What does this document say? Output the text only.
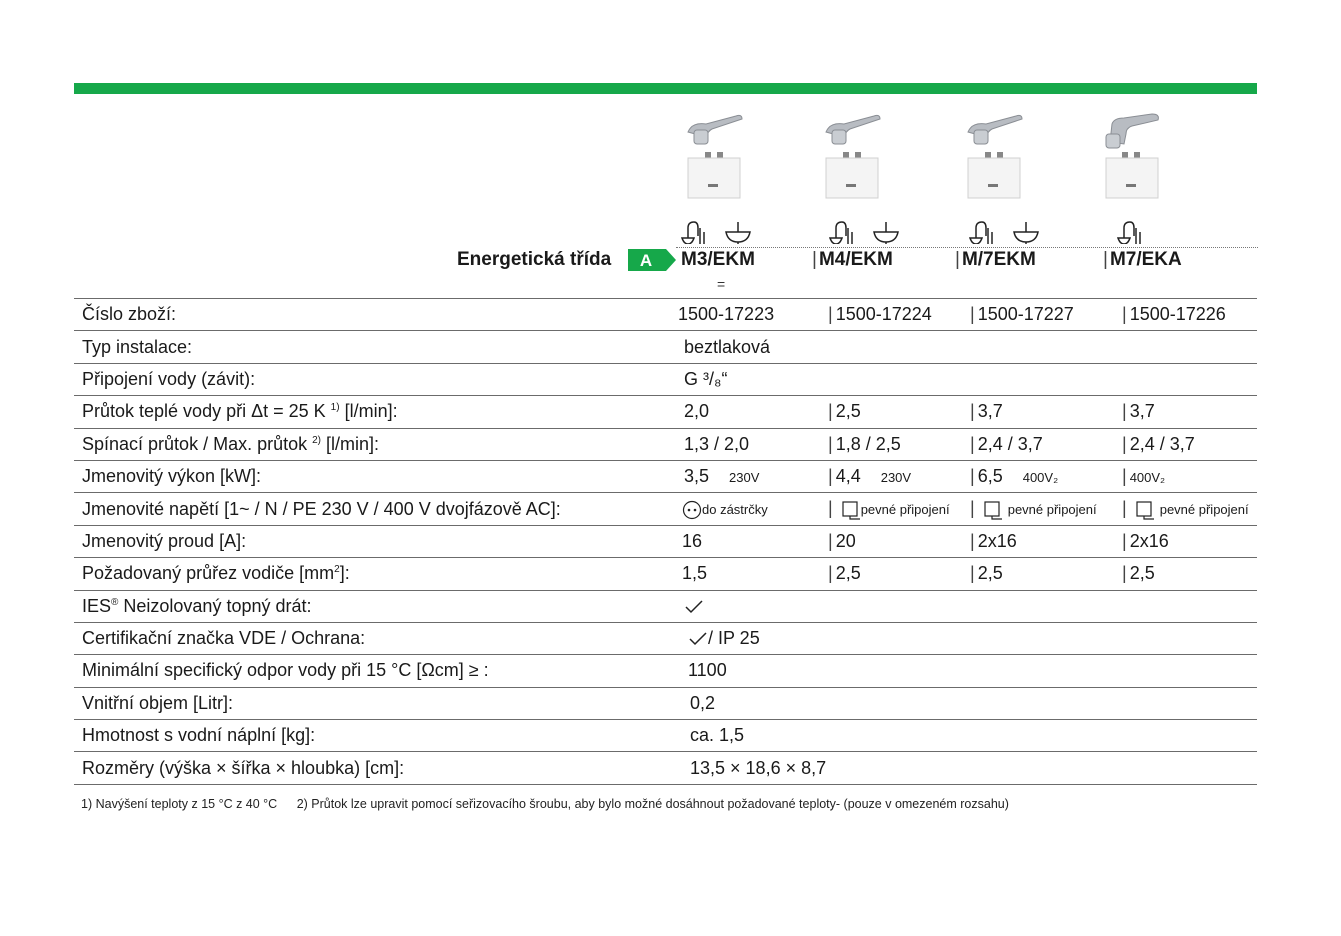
Energetická třída A M3/EKM	| M4/EKM	| M/7EKM	| M7/EKA
=
Číslo zboží:	1500-17223	| 1500-17224	| 1500-17227	| 1500-17226
Typ instalace:	beztlaková			
Připojení vody (závit):	G ³/₈“			
Průtok teplé vody při Δt = 25 K $^{1)}$ [l/min]:	2,0	| 2,5	| 3,7	| 3,7
Spínací průtok / Max. průtok $^{2)}$ [l/min]:	1,3 / 2,0	| 1,8 / 2,5	| 2,4 / 3,7	| 2,4 / 3,7
Jmenovitý výkon [kW]:	3,5 230V	| 4,4 230V	| 6,5 400V₂	| 400V₂
Jmenovité napětí [1~ / N / PE 230 V / 400 V dvojfázově AC]:	do zástrčky	| pevné připojení	| pevné připojení	| pevné připojení
Jmenovitý proud [A]:	16	| 20	| 2x16	| 2x16
Požadovaný průřez vodiče $[mm^2]$:	1,5	| 2,5	| 2,5	| 2,5
IES® Neizolovaný topný drát:				
Certifikační značka VDE / Ochrana:	/ IP 25			
Minimální specifický odpor vody při 15 °C [Ωcm] ≥ :	1100			
Vnitřní objem [Litr]:	0,2			
Hmotnost s vodní náplní [kg]:	ca. 1,5			
Rozměry (výška × šířka × hloubka) [cm]:	13,5 × 18,6 × 8,7			
1) Navýšení teploty z 15 °C z 40 °C 2) Průtok lze upravit pomocí seřizovacího šroubu, aby bylo možné dosáhnout požadované teploty- (pouze v omezeném rozsahu)
